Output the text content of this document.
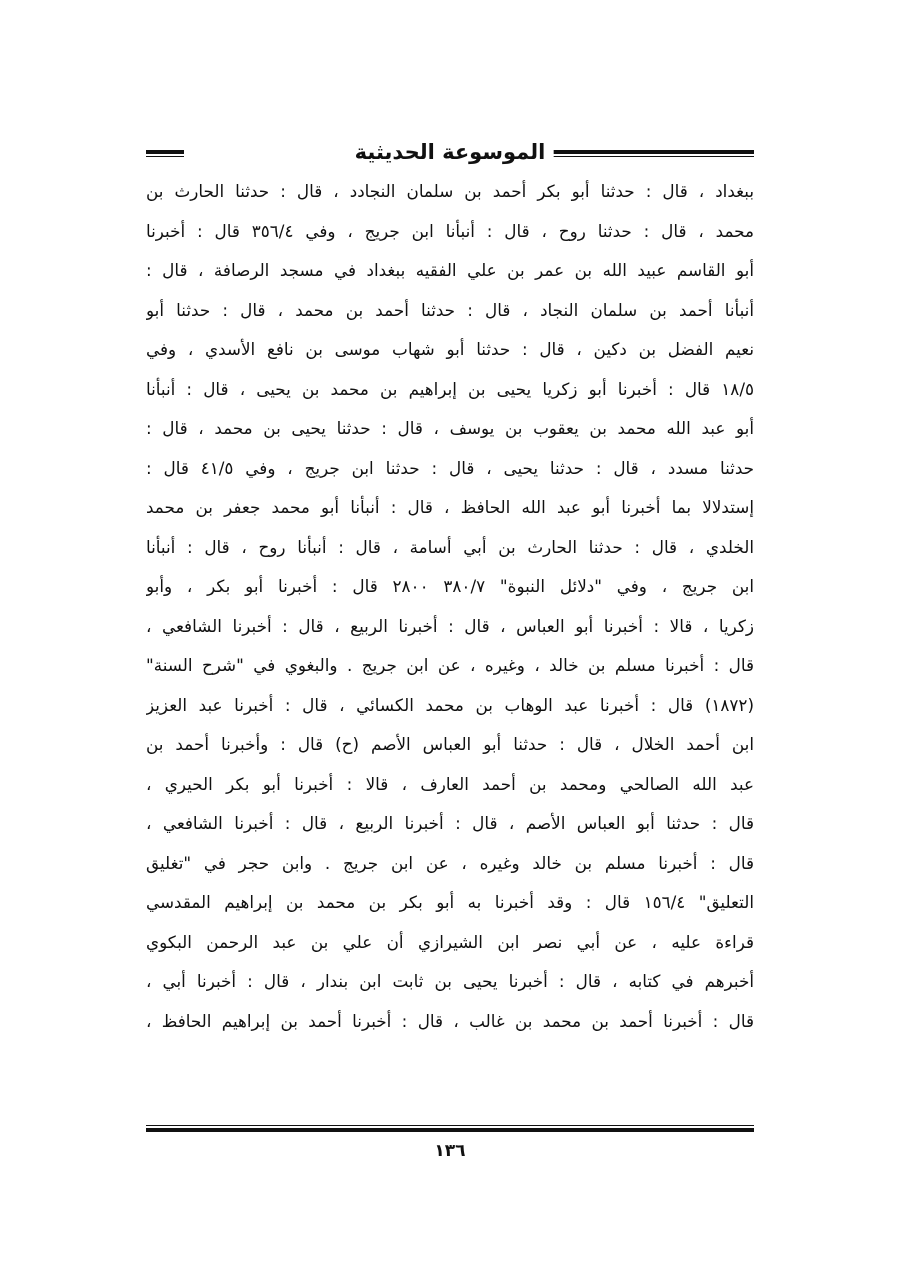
الموسوعة الحديثية
ببغداد ، قال : حدثنا أبو بكر أحمد بن سلمان النجادد ، قال : حدثنا الحارث بن
محمد ، قال : حدثنا روح ، قال : أنبأنا ابن جريج ، وفي ٣٥٦/٤ قال : أخبرنا
أبو القاسم عبيد الله بن عمر بن علي الفقيه ببغداد في مسجد الرصافة ، قال :
أنبأنا أحمد بن سلمان النجاد ، قال : حدثنا أحمد بن محمد ، قال : حدثنا أبو
نعيم الفضل بن دكين ، قال : حدثنا أبو شهاب موسى بن نافع الأسدي ، وفي
١٨/٥ قال : أخبرنا أبو زكريا يحيى بن إبراهيم بن محمد بن يحيى ، قال : أنبأنا
أبو عبد الله محمد بن يعقوب بن يوسف ، قال : حدثنا يحيى بن محمد ، قال :
حدثنا مسدد ، قال : حدثنا يحيى ، قال : حدثنا ابن جريج ، وفي ٤١/٥ قال :
إستدلالا بما أخبرنا أبو عبد الله الحافظ ، قال : أنبأنا أبو محمد جعفر بن محمد
الخلدي ، قال : حدثنا الحارث بن أبي أسامة ، قال : أنبأنا روح ، قال : أنبأنا
ابن جريج ، وفي "دلائل النبوة" ٣٨٠/٧ ٢٨٠٠ قال : أخبرنا أبو بكر ، وأبو
زكريا ، قالا : أخبرنا أبو العباس ، قال : أخبرنا الربيع ، قال : أخبرنا الشافعي ،
قال : أخبرنا مسلم بن خالد ، وغيره ، عن ابن جريج . والبغوي في "شرح السنة"
(١٨٧٢) قال : أخبرنا عبد الوهاب بن محمد الكسائي ، قال : أخبرنا عبد العزيز
ابن أحمد الخلال ، قال : حدثنا أبو العباس الأصم (ح) قال : وأخبرنا أحمد بن
عبد الله الصالحي ومحمد بن أحمد العارف ، قالا : أخبرنا أبو بكر الحيري ،
قال : حدثنا أبو العباس الأصم ، قال : أخبرنا الربيع ، قال : أخبرنا الشافعي ،
قال : أخبرنا مسلم بن خالد وغيره ، عن ابن جريج . وابن حجر في "تغليق
التعليق" ١٥٦/٤ قال : وقد أخبرنا به أبو بكر بن محمد بن إبراهيم المقدسي
قراءة عليه ، عن أبي نصر ابن الشيرازي أن علي بن عبد الرحمن البكوي
أخبرهم في كتابه ، قال : أخبرنا يحيى بن ثابت ابن بندار ، قال : أخبرنا أبي ،
قال : أخبرنا أحمد بن محمد بن غالب ، قال : أخبرنا أحمد بن إبراهيم الحافظ ،
١٣٦
